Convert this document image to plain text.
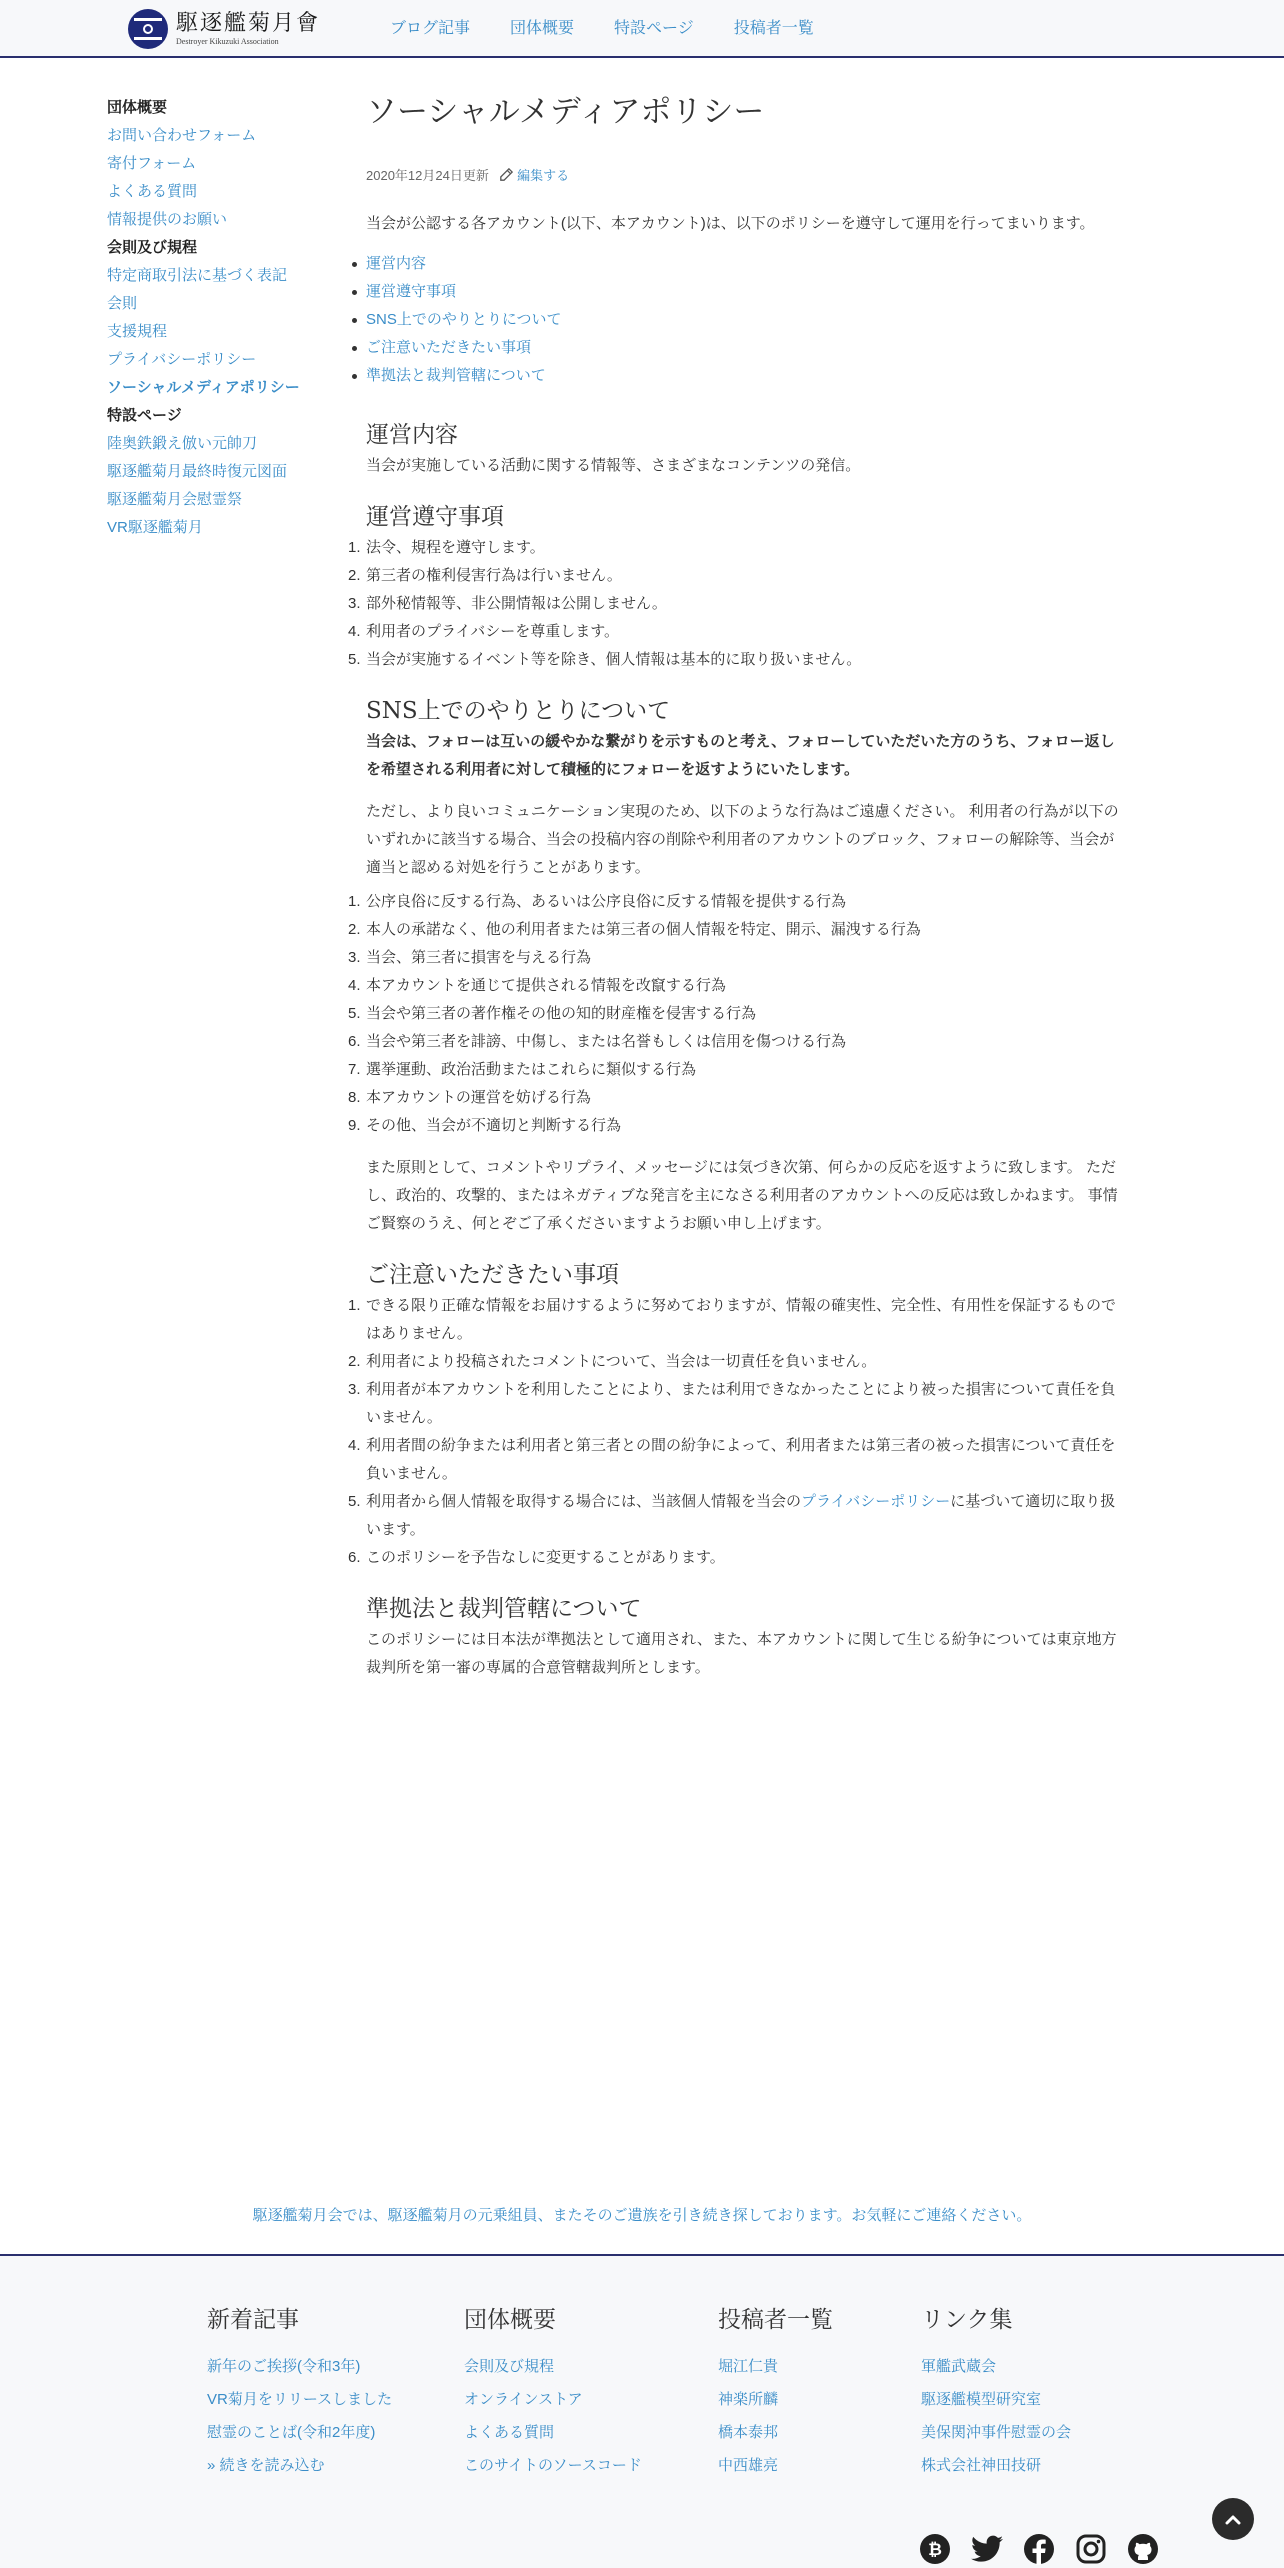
駆逐艦菊月會
Destroyer Kikuzuki Association
ブログ記事	団体概要	特設ページ	投稿者一覧
団体概要
お問い合わせフォーム
寄付フォーム
よくある質問
情報提供のお願い
会則及び規程
特定商取引法に基づく表記
会則
支援規程
プライバシーポリシー
ソーシャルメディアポリシー
特設ページ
陸奥鉄鍛え倣い元帥刀
駆逐艦菊月最終時復元図面
駆逐艦菊月会慰霊祭
VR駆逐艦菊月
ソーシャルメディアポリシー
2020年12月24日更新 編集する

当会が公認する各アカウント(以下、本アカウント)は、以下のポリシーを遵守して運用を行ってまいります。

運営内容
運営遵守事項
SNS上でのやりとりについて
ご注意いただきたい事項
準拠法と裁判管轄について
運営内容

当会が実施している活動に関する情報等、さまざまなコンテンツの発信。

運営遵守事項
法令、規程を遵守します。
第三者の権利侵害行為は行いません。
部外秘情報等、非公開情報は公開しません。
利用者のプライバシーを尊重します。
当会が実施するイベント等を除き、個人情報は基本的に取り扱いません。
SNS上でのやりとりについて

当会は、フォローは互いの緩やかな繋がりを示すものと考え、フォローしていただいた方のうち、フォロー返し
を希望される利用者に対して積極的にフォローを返すようにいたします。

ただし、より良いコミュニケーション実現のため、以下のような行為はご遠慮ください。 利用者の行為が以下の
いずれかに該当する場合、当会の投稿内容の削除や利用者のアカウントのブロック、フォローの解除等、当会が
適当と認める対処を行うことがあります。

公序良俗に反する行為、あるいは公序良俗に反する情報を提供する行為
本人の承諾なく、他の利用者または第三者の個人情報を特定、開示、漏洩する行為
当会、第三者に損害を与える行為
本アカウントを通じて提供される情報を改竄する行為
当会や第三者の著作権その他の知的財産権を侵害する行為
当会や第三者を誹謗、中傷し、または名誉もしくは信用を傷つける行為
選挙運動、政治活動またはこれらに類似する行為
本アカウントの運営を妨げる行為
その他、当会が不適切と判断する行為

また原則として、コメントやリプライ、メッセージには気づき次第、何らかの反応を返すように致します。 ただ
し、政治的、攻撃的、またはネガティブな発言を主になさる利用者のアカウントへの反応は致しかねます。 事情
ご賢察のうえ、何とぞご了承くださいますようお願い申し上げます。

ご注意いただきたい事項
できる限り正確な情報をお届けするように努めておりますが、情報の確実性、完全性、有用性を保証するもので
はありません。
利用者により投稿されたコメントについて、当会は一切責任を負いません。
利用者が本アカウントを利用したことにより、または利用できなかったことにより被った損害について責任を負
いません。
利用者間の紛争または利用者と第三者との間の紛争によって、利用者または第三者の被った損害について責任を
負いません。
利用者から個人情報を取得する場合には、当該個人情報を当会のプライバシーポリシーに基づいて適切に取り扱
います。
このポリシーを予告なしに変更することがあります。
準拠法と裁判管轄について

このポリシーには日本法が準拠法として適用され、また、本アカウントに関して生じる紛争については東京地方
裁判所を第一審の専属的合意管轄裁判所とします。

駆逐艦菊月会では、駆逐艦菊月の元乗組員、またそのご遺族を引き続き探しております。お気軽にご連絡ください。
新着記事
新年のご挨拶(令和3年)
VR菊月をリリースしました
慰霊のことば(令和2年度)
» 続きを読み込む
団体概要
会則及び規程
オンラインストア
よくある質問
このサイトのソースコード
投稿者一覧
堀江仁貴
神楽所麟
橋本泰邦
中西雄亮
リンク集
軍艦武蔵会
駆逐艦模型研究室
美保関沖事件慰霊の会
株式会社神田技研
₿
